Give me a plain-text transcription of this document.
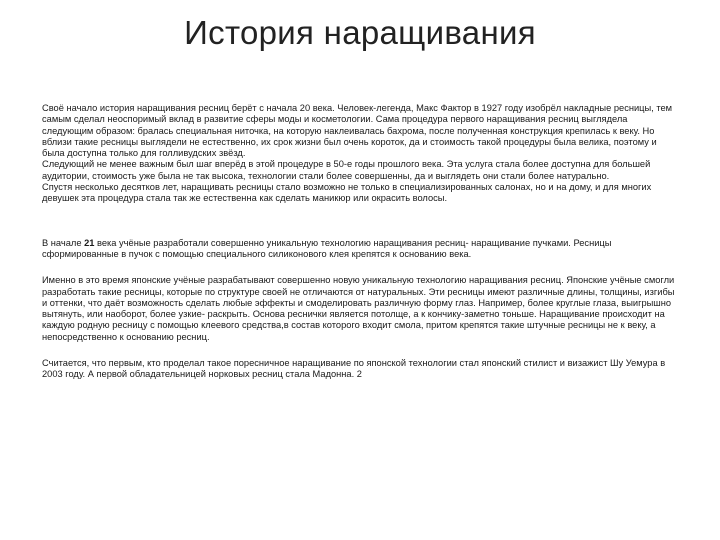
История наращивания

Своё начало история наращивания ресниц берёт с начала 20 века. Человек-легенда, Макс Фактор в 1927 году изобрёл накладные ресницы, тем самым сделал неоспоримый вклад в развитие сферы моды и косметологии. Сама процедура первого наращивания ресниц выглядела следующим образом: бралась специальная ниточка, на которую наклеивалась бахрома, после полученная конструкция крепилась к веку. Но вблизи такие ресницы выглядели не естественно, их срок жизни был очень короток, да и стоимость такой процедуры была велика, поэтому и была доступна только для голливудских звёзд.

Следующий не менее важным был шаг вперёд в этой процедуре в 50-е годы прошлого века. Эта услуга стала более доступна для большей аудитории, стоимость уже была не так высока, технологии стали более совершенны, да и выглядеть они стали более натурально.

Спустя несколько десятков лет, наращивать ресницы стало возможно не только в специализированных салонах, но и на дому, и для многих девушек эта процедура стала так же естественна как сделать маникюр или окрасить волосы.

В начале 21 века учёные разработали совершенно уникальную технологию наращивания ресниц- наращивание пучками. Ресницы сформированные в пучок с помощью специального силиконового клея крепятся к основанию века.

Именно в это время японские учёные разрабатывают совершенно новую уникальную технологию наращивания ресниц. Японские учёные смогли разработать такие ресницы, которые по структуре своей не отличаются от натуральных. Эти ресницы имеют различные длины, толщины, изгибы и оттенки, что даёт возможность сделать любые эффекты и смоделировать различную форму глаз. Например, более круглые глаза, выигрышно вытянуть, или наоборот, более узкие- раскрыть. Основа реснички является потолще, а к кончику-заметно тоньше. Наращивание происходит на каждую родную ресницу с помощью клеевого средства,в состав которого входит смола, притом крепятся такие штучные ресницы не к веку, а непосредственно к основанию ресниц.

Считается, что первым, кто проделал такое поресничное наращивание по японской технологии стал японский стилист и визажист Шу Уемура в 2003 году. А первой обладательницей норковых ресниц стала Мадонна. 2
